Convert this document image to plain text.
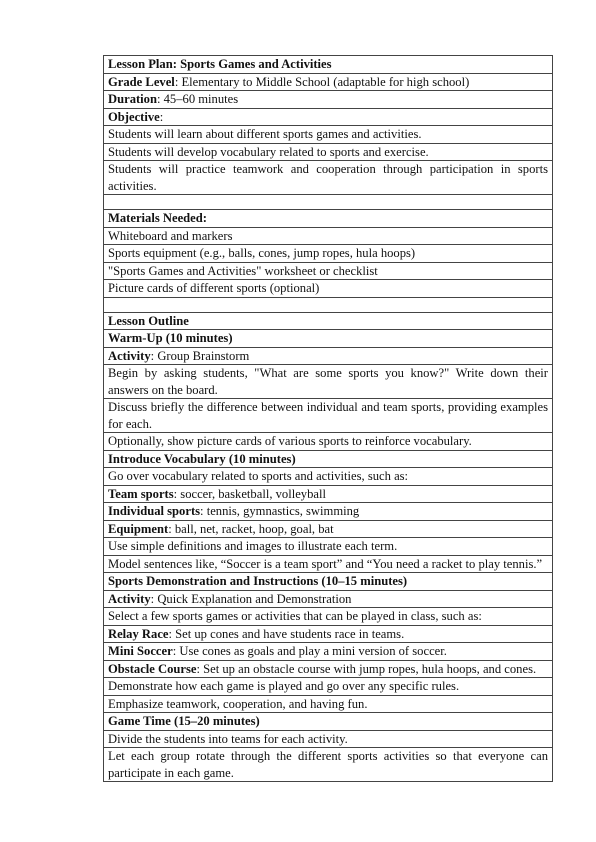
Lesson Plan: Sports Games and Activities
Grade Level: Elementary to Middle School (adaptable for high school)
Duration: 45–60 minutes
Objective:
Students will learn about different sports games and activities.
Students will develop vocabulary related to sports and exercise.
Students will practice teamwork and cooperation through participation in sports activities.

Materials Needed:
Whiteboard and markers
Sports equipment (e.g., balls, cones, jump ropes, hula hoops)
"Sports Games and Activities" worksheet or checklist
Picture cards of different sports (optional)

Lesson Outline
Warm-Up (10 minutes)
Activity: Group Brainstorm
Begin by asking students, "What are some sports you know?" Write down their answers on the board.
Discuss briefly the difference between individual and team sports, providing examples for each.
Optionally, show picture cards of various sports to reinforce vocabulary.
Introduce Vocabulary (10 minutes)
Go over vocabulary related to sports and activities, such as:
Team sports: soccer, basketball, volleyball
Individual sports: tennis, gymnastics, swimming
Equipment: ball, net, racket, hoop, goal, bat
Use simple definitions and images to illustrate each term.
Model sentences like, “Soccer is a team sport” and “You need a racket to play tennis.”
Sports Demonstration and Instructions (10–15 minutes)
Activity: Quick Explanation and Demonstration
Select a few sports games or activities that can be played in class, such as:
Relay Race: Set up cones and have students race in teams.
Mini Soccer: Use cones as goals and play a mini version of soccer.
Obstacle Course: Set up an obstacle course with jump ropes, hula hoops, and cones.
Demonstrate how each game is played and go over any specific rules.
Emphasize teamwork, cooperation, and having fun.
Game Time (15–20 minutes)
Divide the students into teams for each activity.
Let each group rotate through the different sports activities so that everyone can participate in each game.
